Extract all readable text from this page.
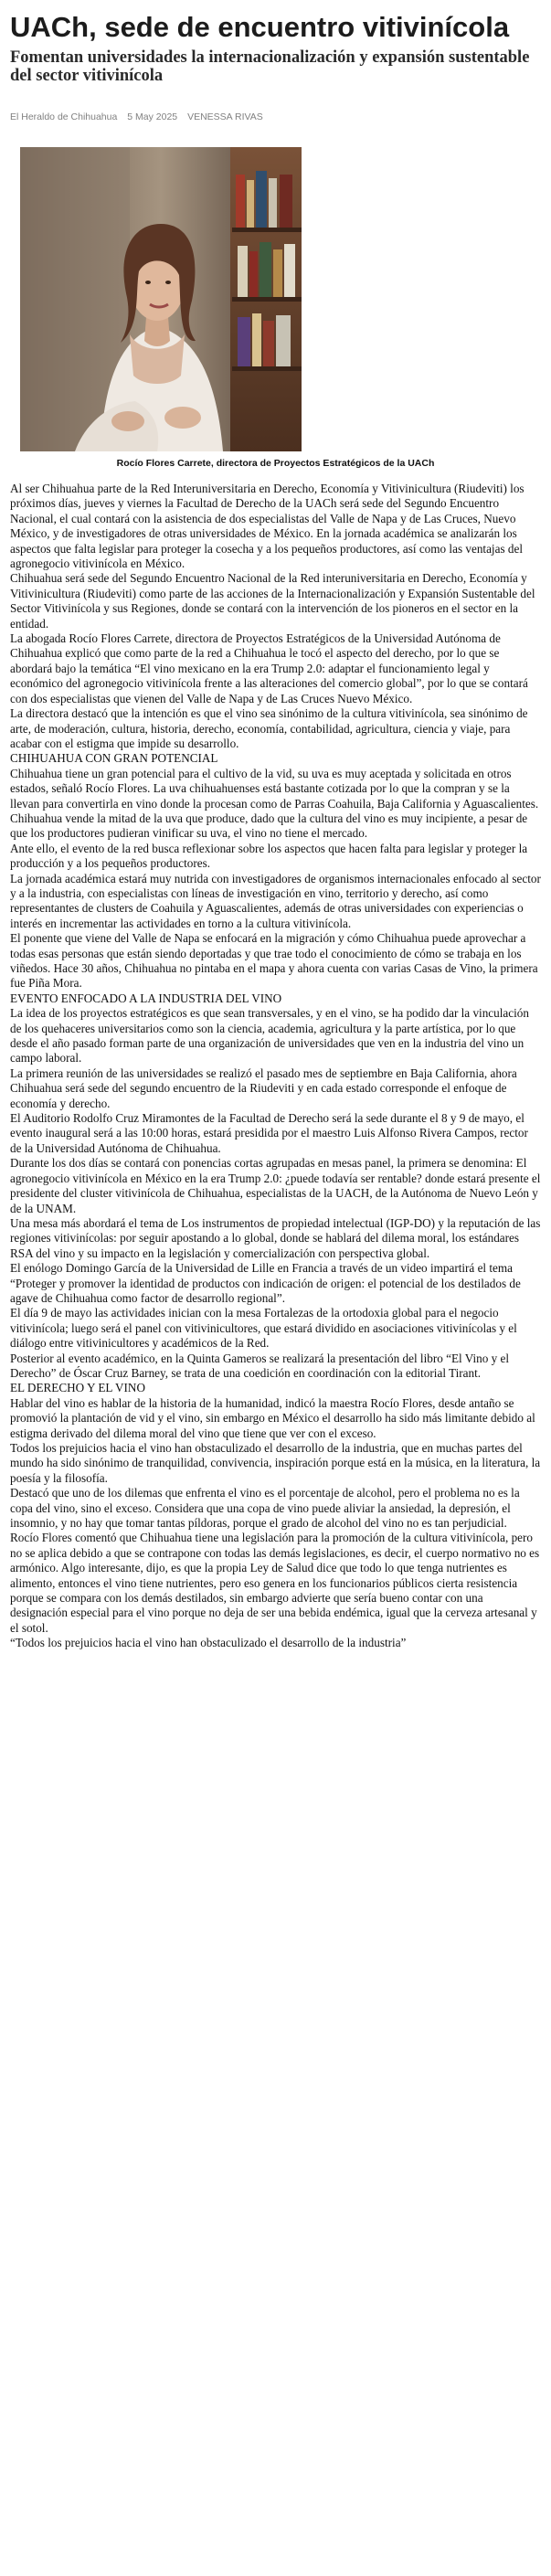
UACh, sede de encuentro vitivinícola
Fomentan universidades la internacionalización y expansión sustentable del sector vitivinícola
El Heraldo de Chihuahua 5 May 2025 VENESSA RIVAS
Rocío Flores Carrete, directora de Proyectos Estratégicos de la UACh

Al ser Chihuahua parte de la Red Interuniversitaria en Derecho, Economía y Vitivinicultura (Riudeviti) los próximos días, jueves y viernes la Facultad de Derecho de la UACh será sede del Segundo Encuentro Nacional, el cual contará con la asistencia de dos especialistas del Valle de Napa y de Las Cruces, Nuevo México, y de investigadores de otras universidades de México. En la jornada académica se analizarán los aspectos que falta legislar para proteger la cosecha y a los pequeños productores, así como las ventajas del agronegocio vitivinícola en México.

Chihuahua será sede del Segundo Encuentro Nacional de la Red interuniversitaria en Derecho, Economía y Vitivinicultura (Riudeviti) como parte de las acciones de la Internacionalización y Expansión Sustentable del Sector Vitivinícola y sus Regiones, donde se contará con la intervención de los pioneros en el sector en la entidad.

La abogada Rocío Flores Carrete, directora de Proyectos Estratégicos de la Universidad Autónoma de Chihuahua explicó que como parte de la red a Chihuahua le tocó el aspecto del derecho, por lo que se abordará bajo la temática “El vino mexicano en la era Trump 2.0: adaptar el funcionamiento legal y económico del agronegocio vitivinícola frente a las alteraciones del comercio global”, por lo que se contará con dos especialistas que vienen del Valle de Napa y de Las Cruces Nuevo México.

La directora destacó que la intención es que el vino sea sinónimo de la cultura vitivinícola, sea sinónimo de arte, de moderación, cultura, historia, derecho, economía, contabilidad, agricultura, ciencia y viaje, para acabar con el estigma que impide su desarrollo.

CHIHUAHUA CON GRAN POTENCIAL

Chihuahua tiene un gran potencial para el cultivo de la vid, su uva es muy aceptada y solicitada en otros estados, señaló Rocío Flores. La uva chihuahuenses está bastante cotizada por lo que la compran y se la llevan para convertirla en vino donde la procesan como de Parras Coahuila, Baja California y Aguascalientes.

Chihuahua vende la mitad de la uva que produce, dado que la cultura del vino es muy incipiente, a pesar de que los productores pudieran vinificar su uva, el vino no tiene el mercado.

Ante ello, el evento de la red busca reflexionar sobre los aspectos que hacen falta para legislar y proteger la producción y a los pequeños productores.

La jornada académica estará muy nutrida con investigadores de organismos internacionales enfocado al sector y a la industria, con especialistas con líneas de investigación en vino, territorio y derecho, así como representantes de clusters de Coahuila y Aguascalientes, además de otras universidades con experiencias o interés en incrementar las actividades en torno a la cultura vitivinícola.

El ponente que viene del Valle de Napa se enfocará en la migración y cómo Chihuahua puede aprovechar a todas esas personas que están siendo deportadas y que trae todo el conocimiento de cómo se trabaja en los viñedos. Hace 30 años, Chihuahua no pintaba en el mapa y ahora cuenta con varias Casas de Vino, la primera fue Piña Mora.

EVENTO ENFOCADO A LA INDUSTRIA DEL VINO

La idea de los proyectos estratégicos es que sean transversales, y en el vino, se ha podido dar la vinculación de los quehaceres universitarios como son la ciencia, academia, agricultura y la parte artística, por lo que desde el año pasado forman parte de una organización de universidades que ven en la industria del vino un campo laboral.

La primera reunión de las universidades se realizó el pasado mes de septiembre en Baja California, ahora Chihuahua será sede del segundo encuentro de la Riudeviti y en cada estado corresponde el enfoque de economía y derecho.

El Auditorio Rodolfo Cruz Miramontes de la Facultad de Derecho será la sede durante el 8 y 9 de mayo, el evento inaugural será a las 10:00 horas, estará presidida por el maestro Luis Alfonso Rivera Campos, rector de la Universidad Autónoma de Chihuahua.

Durante los dos días se contará con ponencias cortas agrupadas en mesas panel, la primera se denomina: El agronegocio vitivinícola en México en la era Trump 2.0: ¿puede todavía ser rentable? donde estará presente el presidente del cluster vitivinícola de Chihuahua, especialistas de la UACH, de la Autónoma de Nuevo León y de la UNAM.

Una mesa más abordará el tema de Los instrumentos de propiedad intelectual (IGP-DO) y la reputación de las regiones vitivinícolas: por seguir apostando a lo global, donde se hablará del dilema moral, los estándares RSA del vino y su impacto en la legislación y comercialización con perspectiva global.

El enólogo Domingo García de la Universidad de Lille en Francia a través de un video impartirá el tema “Proteger y promover la identidad de productos con indicación de origen: el potencial de los destilados de agave de Chihuahua como factor de desarrollo regional”.

El día 9 de mayo las actividades inician con la mesa Fortalezas de la ortodoxia global para el negocio vitivinícola; luego será el panel con vitivinicultores, que estará dividido en asociaciones vitivinícolas y el diálogo entre vitivinicultores y académicos de la Red.

Posterior al evento académico, en la Quinta Gameros se realizará la presentación del libro “El Vino y el Derecho” de Óscar Cruz Barney, se trata de una coedición en coordinación con la editorial Tirant.

EL DERECHO Y EL VINO

Hablar del vino es hablar de la historia de la humanidad, indicó la maestra Rocío Flores, desde antaño se promovió la plantación de vid y el vino, sin embargo en México el desarrollo ha sido más limitante debido al estigma derivado del dilema moral del vino que tiene que ver con el exceso.

Todos los prejuicios hacia el vino han obstaculizado el desarrollo de la industria, que en muchas partes del mundo ha sido sinónimo de tranquilidad, convivencia, inspiración porque está en la música, en la literatura, la poesía y la filosofía.

Destacó que uno de los dilemas que enfrenta el vino es el porcentaje de alcohol, pero el problema no es la copa del vino, sino el exceso. Considera que una copa de vino puede aliviar la ansiedad, la depresión, el insomnio, y no hay que tomar tantas píldoras, porque el grado de alcohol del vino no es tan perjudicial.

Rocío Flores comentó que Chihuahua tiene una legislación para la promoción de la cultura vitivinícola, pero no se aplica debido a que se contrapone con todas las demás legislaciones, es decir, el cuerpo normativo no es armónico. Algo interesante, dijo, es que la propia Ley de Salud dice que todo lo que tenga nutrientes es alimento, entonces el vino tiene nutrientes, pero eso genera en los funcionarios públicos cierta resistencia porque se compara con los demás destilados, sin embargo advierte que sería bueno contar con una designación especial para el vino porque no deja de ser una bebida endémica, igual que la cerveza artesanal y el sotol.

“Todos los prejuicios hacia el vino han obstaculizado el desarrollo de la industria”
